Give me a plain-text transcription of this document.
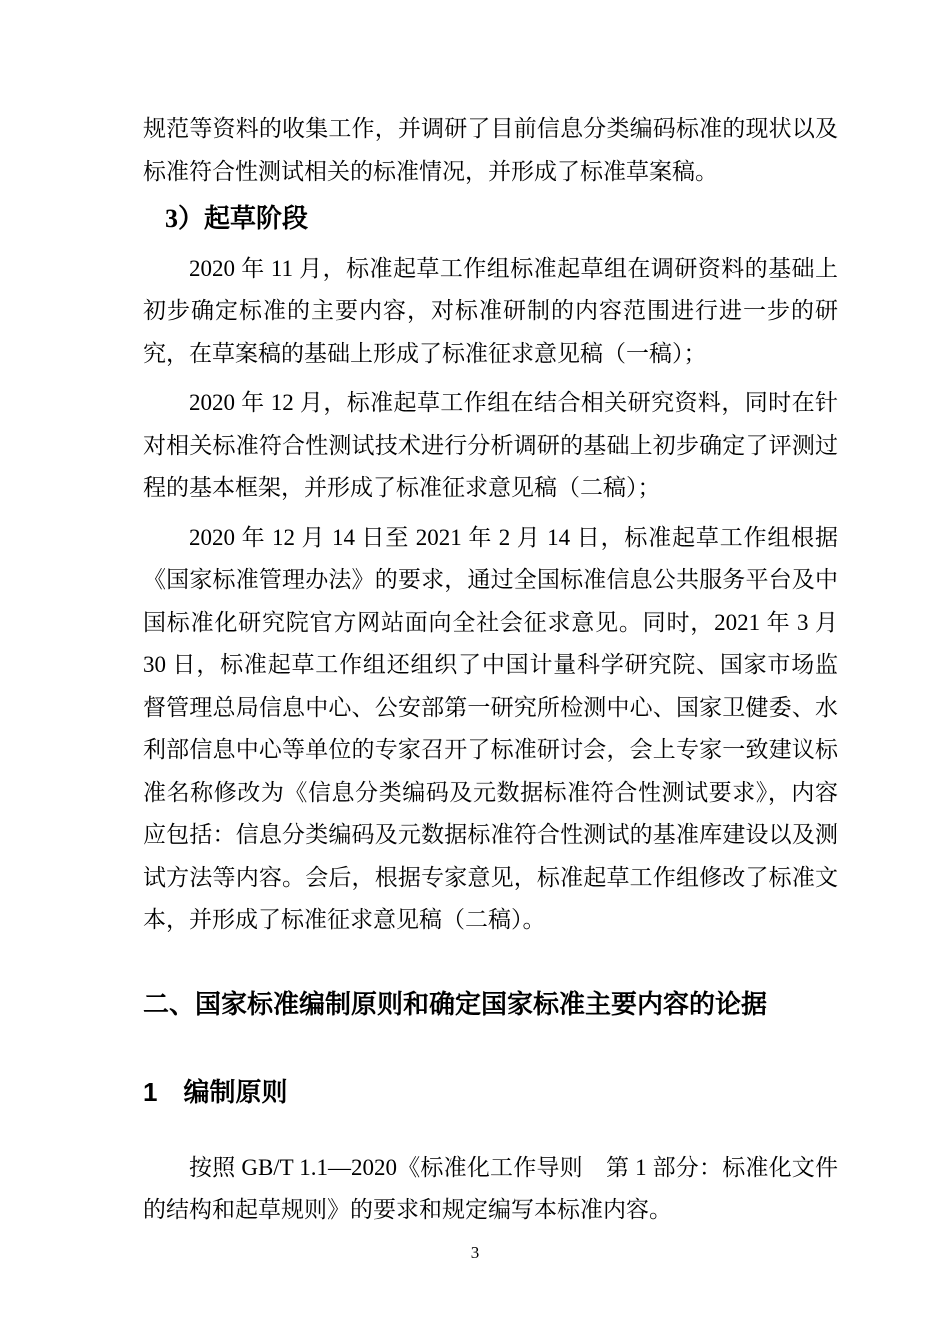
规范等资料的收集工作，并调研了目前信息分类编码标准的现状以及标准符合性测试相关的标准情况，并形成了标准草案稿。

3）起草阶段

2020 年 11 月，标准起草工作组标准起草组在调研资料的基础上初步确定标准的主要内容，对标准研制的内容范围进行进一步的研究，在草案稿的基础上形成了标准征求意见稿（一稿）；

2020 年 12 月，标准起草工作组在结合相关研究资料，同时在针对相关标准符合性测试技术进行分析调研的基础上初步确定了评测过程的基本框架，并形成了标准征求意见稿（二稿）；

2020 年 12 月 14 日至 2021 年 2 月 14 日，标准起草工作组根据《国家标准管理办法》的要求，通过全国标准信息公共服务平台及中国标准化研究院官方网站面向全社会征求意见。同时，2021 年 3 月 30 日，标准起草工作组还组织了中国计量科学研究院、国家市场监督管理总局信息中心、公安部第一研究所检测中心、国家卫健委、水利部信息中心等单位的专家召开了标准研讨会，会上专家一致建议标准名称修改为《信息分类编码及元数据标准符合性测试要求》，内容应包括：信息分类编码及元数据标准符合性测试的基准库建设以及测试方法等内容。会后，根据专家意见，标准起草工作组修改了标准文本，并形成了标准征求意见稿（二稿）。

二、国家标准编制原则和确定国家标准主要内容的论据
1　编制原则

按照 GB/T 1.1—2020《标准化工作导则　第 1 部分：标准化文件的结构和起草规则》的要求和规定编写本标准内容。

3
